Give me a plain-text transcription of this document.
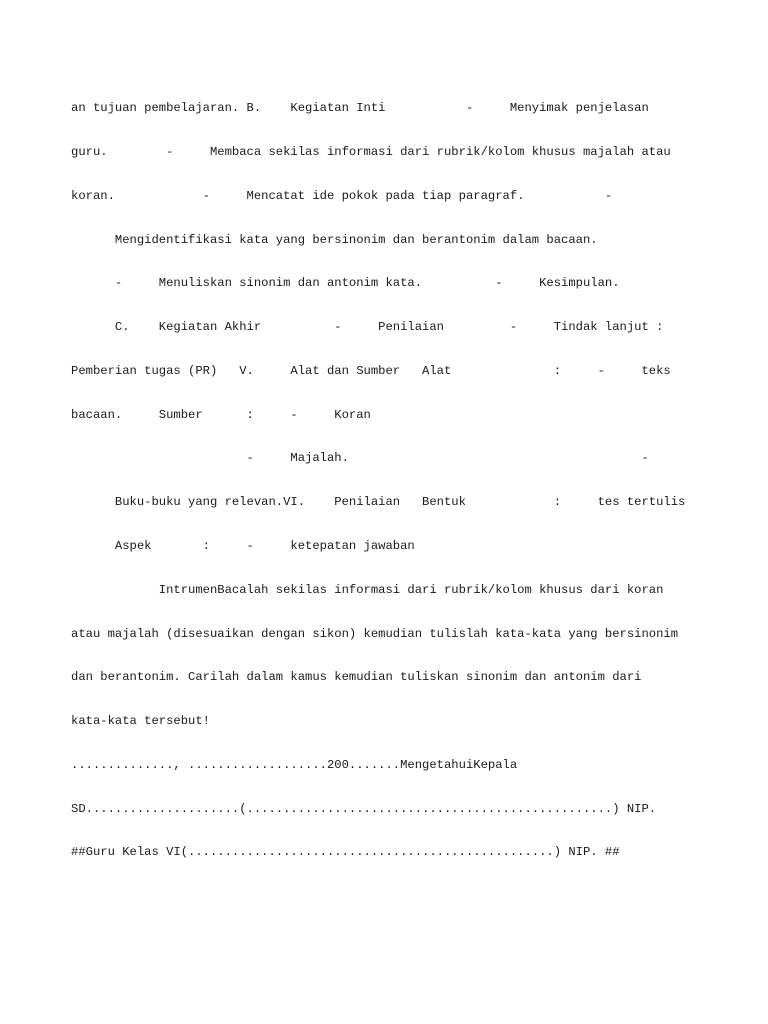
an tujuan pembelajaran. B.    Kegiatan Inti           -     Menyimak penjelasan

guru.        -     Membaca sekilas informasi dari rubrik/kolom khusus majalah atau

koran.            -     Mencatat ide pokok pada tiap paragraf.           -

Mengidentifikasi kata yang bersinonim dan berantonim dalam bacaan.

-     Menuliskan sinonim dan antonim kata.          -     Kesimpulan.

C.    Kegiatan Akhir          -     Penilaian         -     Tindak lanjut :

Pemberian tugas (PR)   V.     Alat dan Sumber   Alat              :     -     teks

bacaan.     Sumber      :     -     Koran

-     Majalah.                                        -

Buku-buku yang relevan.VI.    Penilaian   Bentuk            :     tes tertulis

Aspek       :     -     ketepatan jawaban

IntrumenBacalah sekilas informasi dari rubrik/kolom khusus dari koran

atau majalah (disesuaikan dengan sikon) kemudian tulislah kata-kata yang bersinonim

dan berantonim. Carilah dalam kamus kemudian tuliskan sinonim dan antonim dari

kata-kata tersebut!

.............., ...................200.......MengetahuiKepala

SD.....................(..................................................) NIP.

##Guru Kelas VI(..................................................) NIP. ##
